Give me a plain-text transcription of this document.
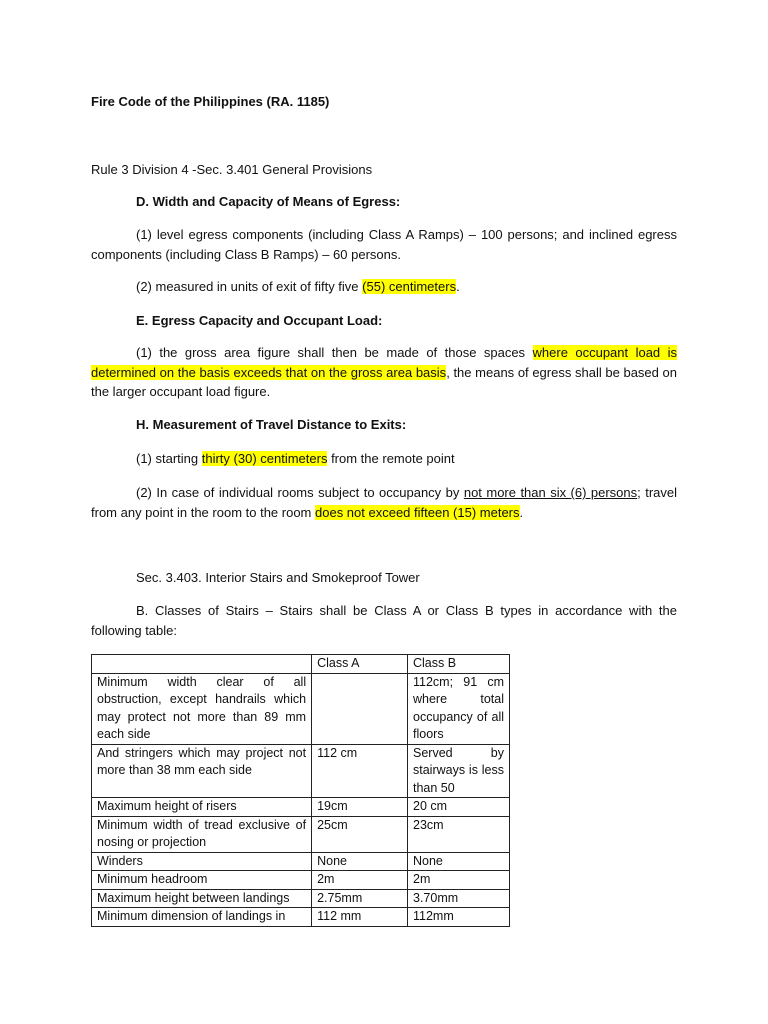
Fire Code of the Philippines (RA. 1185)

Rule 3 Division 4 -Sec. 3.401 General Provisions

D. Width and Capacity of Means of Egress:

(1) level egress components (including Class A Ramps) – 100 persons; and inclined egress components (including Class B Ramps) – 60 persons.

(2) measured in units of exit of fifty five (55) centimeters.

E. Egress Capacity and Occupant Load:

(1) the gross area figure shall then be made of those spaces where occupant load is determined on the basis exceeds that on the gross area basis, the means of egress shall be based on the larger occupant load figure.

H. Measurement of Travel Distance to Exits:

(1) starting thirty (30) centimeters from the remote point

(2) In case of individual rooms subject to occupancy by not more than six (6) persons; travel from any point in the room to the room does not exceed fifteen (15) meters.

Sec. 3.403. Interior Stairs and Smokeproof Tower

B. Classes of Stairs – Stairs shall be Class A or Class B types in accordance with the following table:

	Class A	Class B
Minimum width clear of all obstruction, except handrails which may protect not more than 89 mm each side		112cm; 91 cm where total occupancy of all floors
And stringers which may project not more than 38 mm each side	112 cm	Served by stairways is less than 50
Maximum height of risers	19cm	20 cm
Minimum width of tread exclusive of nosing or projection	25cm	23cm
Winders	None	None
Minimum headroom	2m	2m
Maximum height between landings	2.75mm	3.70mm
Minimum dimension of landings in	112 mm	112mm
